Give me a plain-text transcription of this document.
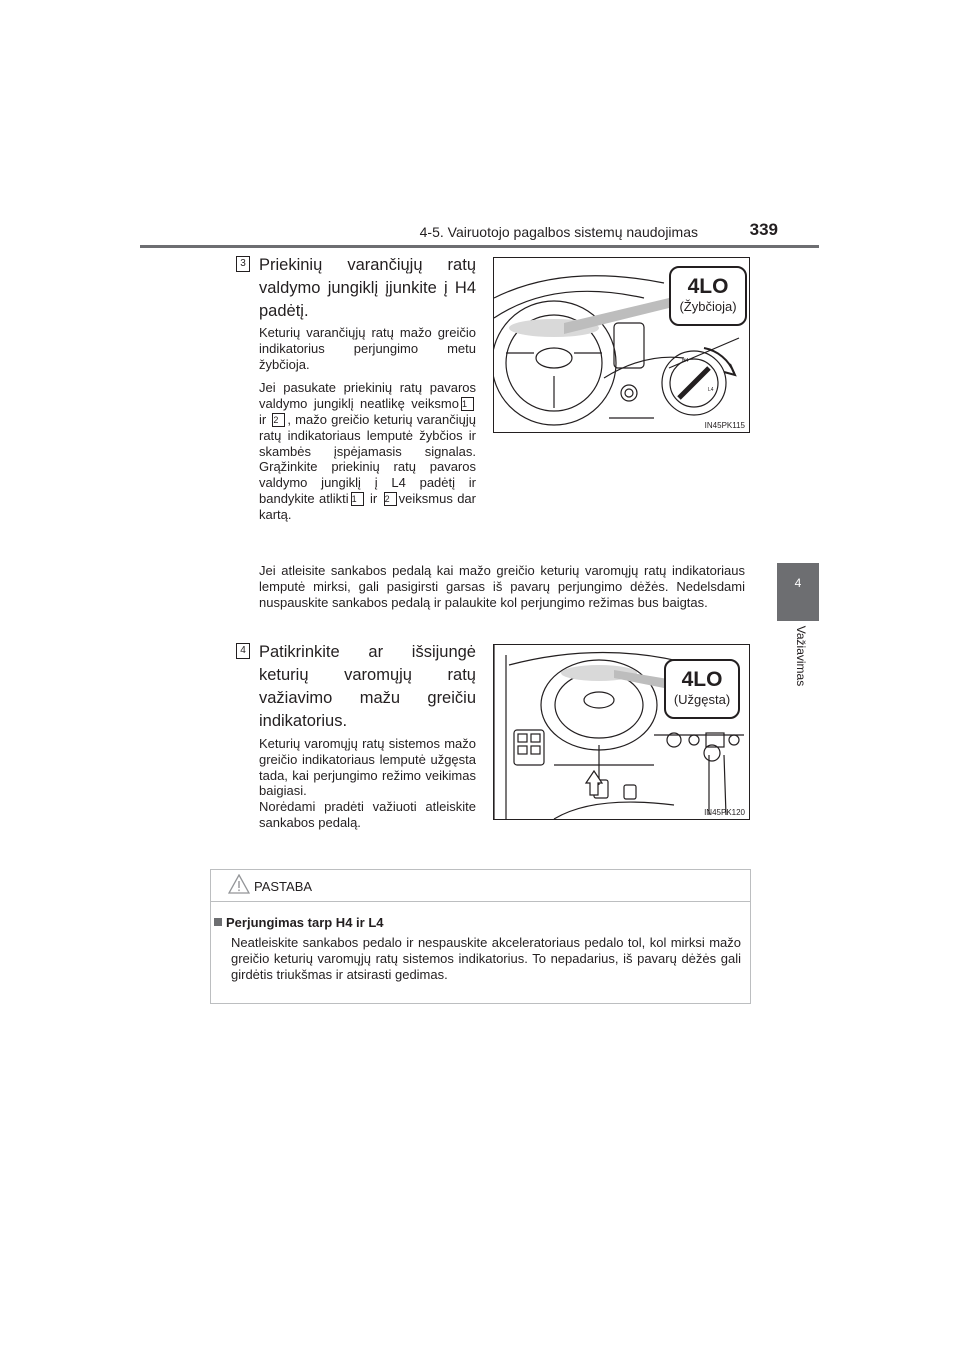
4-5. Vairuotojo pagalbos sistemų naudojimas	339
4
Važiavimas
3 Priekinių varančiųjų ratų valdymo jungiklį įjunkite į H4 padėtį.

Keturių varančiųjų ratų mažo greičio indikatorius perjungimo metu žybčioja.

Jei pasukate priekinių ratų pavaros valdymo jungiklį neatlikę veiksmo 1 ir 2 , mažo greičio keturių varančiųjų ratų indikatoriaus lemputė žybčios ir skambės įspėjamasis signalas. Grąžinkite priekinių ratų pavaros valdymo jungiklį į L4 padėtį ir bandykite atlikti 1 ir 2 veiksmus dar kartą.

H4
L4
4LO
(Žybčioja)
IN45PK115
Jei atleisite sankabos pedalą kai mažo greičio keturių varomųjų ratų indikatoriaus lemputė mirksi, gali pasigirsti garsas iš pavarų perjungimo dėžės. Nedelsdami nuspauskite sankabos pedalą ir palaukite kol perjungimo režimas bus baigtas.
4 Patikrinkite ar išsijungė keturių varomųjų ratų važiavimo mažu greičiu indikatorius.

Keturių varomųjų ratų sistemos mažo greičio indikatoriaus lemputė užgęsta tada, kai perjungimo režimo veikimas baigiasi.

Norėdami pradėti važiuoti atleiskite sankabos pedalą.

4LO
(Užgęsta)
IN45PK120
PASTABA
Perjungimas tarp H4 ir L4
Neatleiskite sankabos pedalo ir nespauskite akceleratoriaus pedalo tol, kol mirksi mažo greičio keturių varomųjų ratų sistemos indikatorius. To nepadarius, iš pavarų dėžės gali girdėtis triukšmas ir atsirasti gedimas.
